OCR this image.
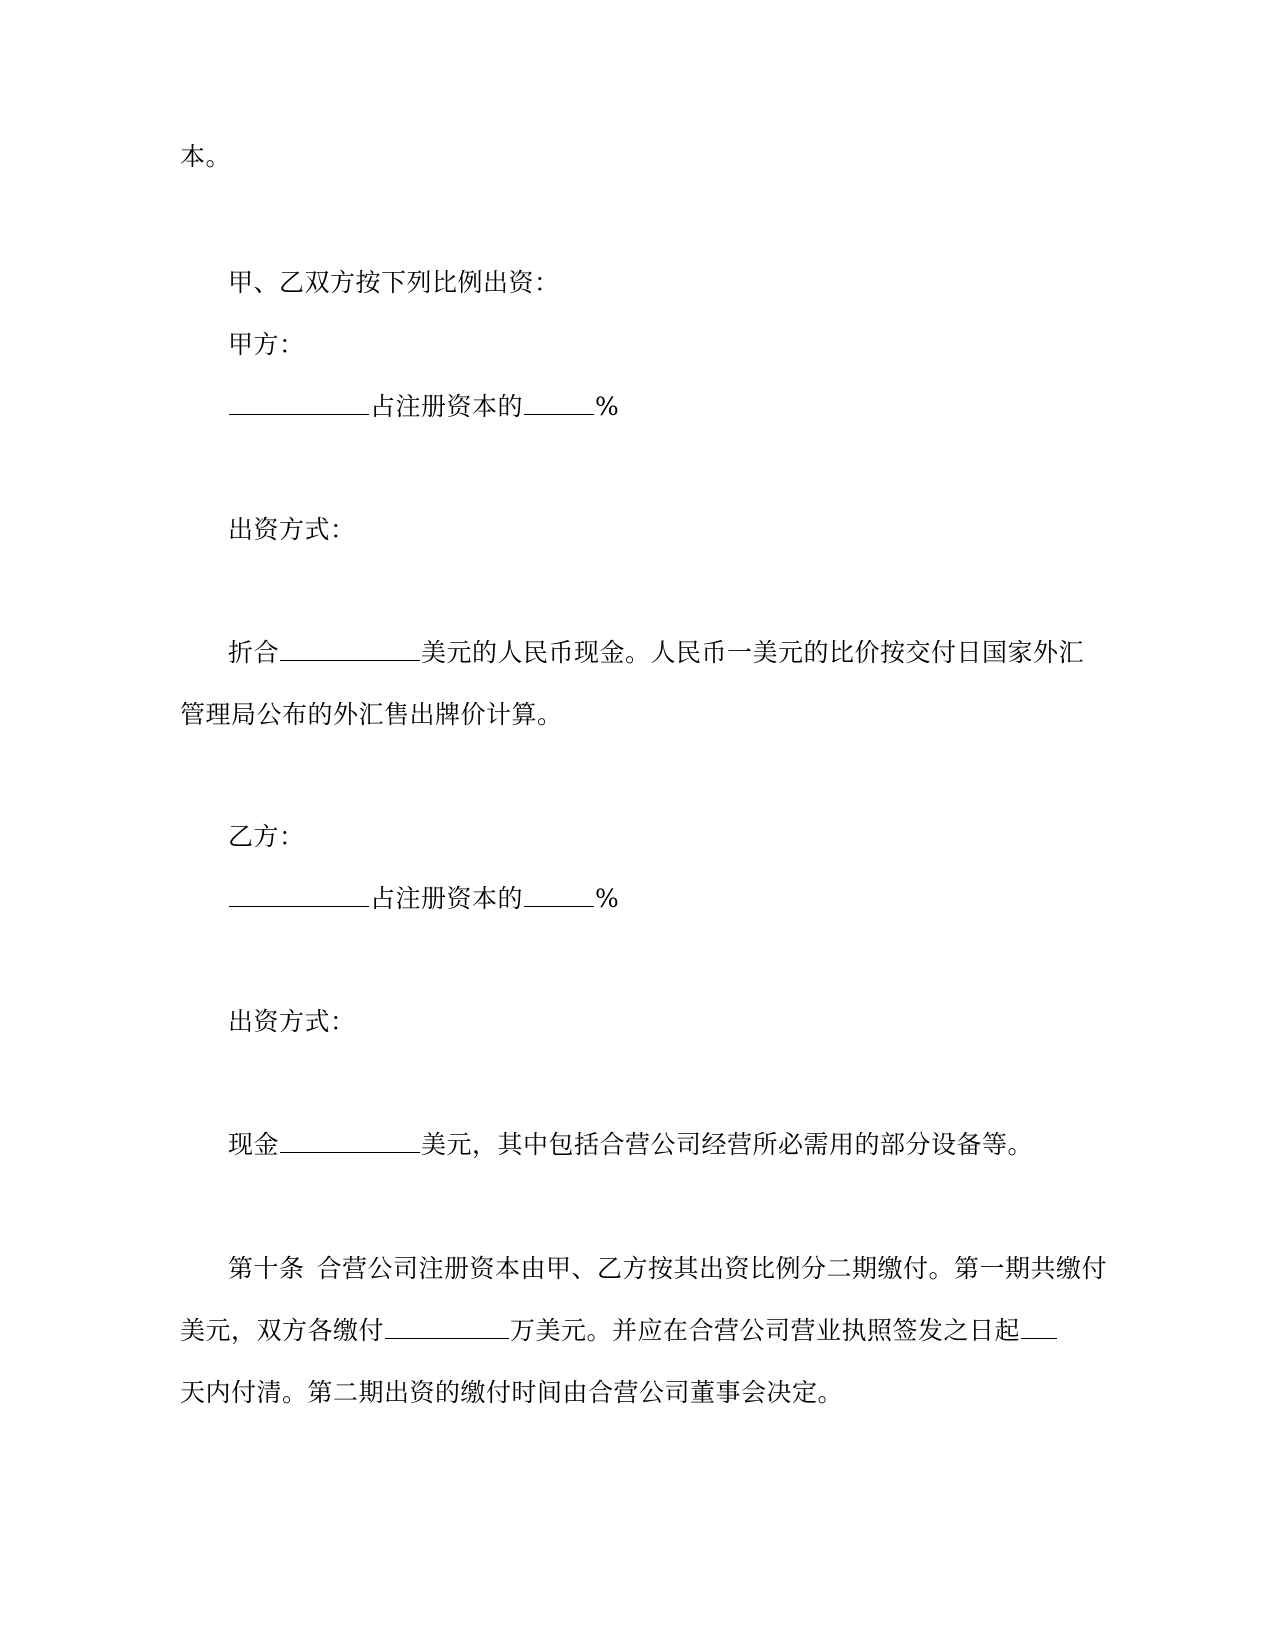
本。
甲、乙双方按下列比例出资：
甲方：
占注册资本的	%
出资方式：
折合	美元的人民币现金。人民币一美元的比价按交付日国家外汇
管理局公布的外汇售出牌价计算。
乙方：
占注册资本的	%
出资方式：
现金	美元，其中包括合营公司经营所必需用的部分设备等。
第十条 合营公司注册资本由甲、乙方按其出资比例分二期缴付。第一期共缴付
美元，双方各缴付	万美元。并应在合营公司营业执照签发之日起
天内付清。第二期出资的缴付时间由合营公司董事会决定。
